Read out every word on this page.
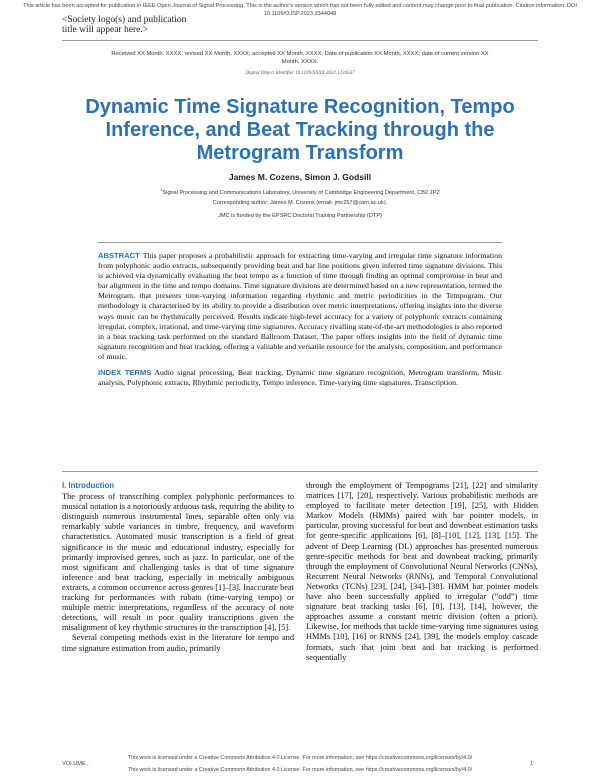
This article has been accepted for publication in IEEE Open Journal of Signal Processing. This is the author's version which has not been fully edited and content may change prior to final publication. Citation information: DOI 10.1109/OJSP.2023.3344048
<Society logo(s) and publication title will appear here.>
Received XX Month, XXXX; revised XX Month, XXXX; accepted XX Month, XXXX; Date of publication XX Month, XXXX; date of current version XX Month, XXXX.
Digital Object Identifier 10.1109/XXXX.2022.1234567
Dynamic Time Signature Recognition, Tempo Inference, and Beat Tracking through the Metrogram Transform
James M. Cozens, Simon J. Godsill
$^1$Signal Processing and Communications Laboratory, University of Cambridge Engineering Department, CB2 1PZ
Corresponding author: James M. Cozens (email: jmc257@cam.ac.uk).
JMC is funded by the EPSRC Doctoral Training Partnership (DTP)

ABSTRACT This paper proposes a probabilistic approach for extracting time-varying and irregular time signature information from polyphonic audio extracts, subsequently providing beat and bar line positions given inferred time signature divisions. This is achieved via dynamically evaluating the beat tempo as a function of time through finding an optimal compromise in beat and bar alignment in the time and tempo domains. Time signature divisions are determined based on a new representation, termed the Metrogram, that presents time-varying information regarding rhythmic and metric periodicities in the Tempogram. Our methodology is characterised by its ability to provide a distribution over metric interpretations, offering insights into the diverse ways music can be rhythmically perceived. Results indicate high-level accuracy for a variety of polyphonic extracts containing irregular, complex, irrational, and time-varying time signatures. Accuracy rivalling state-of-the-art methodologies is also reported in a beat tracking task performed on the standard Ballroom Dataset. The paper offers insights into the field of dynamic time signature recognition and beat tracking, offering a valuable and versatile resource for the analysis, composition, and performance of music.

INDEX TERMS Audio signal processing, Beat tracking, Dynamic time signature recognition, Metrogram transform, Music analysis, Polyphonic extracts, Rhythmic periodicity, Tempo inference, Time-varying time signatures, Transcription.

I. Introduction

The process of transcribing complex polyphonic performances to musical notation is a notoriously arduous task, requiring the ability to distinguish numerous instrumental lines, separable often only via remarkably subtle variances in timbre, frequency, and waveform characteristics. Automated music transcription is a field of great significance in the music and educational industry, especially for primarily improvised genres, such as jazz. In particular, one of the most significant and challenging tasks is that of time signature inference and beat tracking, especially in metrically ambiguous extracts, a common occurrence across genres [1]–[3]. Inaccurate beat tracking for performances with rubato (time-varying tempo) or multiple metric interpretations, regardless of the accuracy of note detections, will result in poor quality transcriptions given the misalignment of key rhythmic structures in the transcription [4], [5].

Several competing methods exist in the literature for tempo and time signature estimation from audio, primarily

through the employment of Tempograms [21], [22] and similarity matrices [17], [20], respectively. Various probabilistic methods are employed to facilitate meter detection [19], [25], with Hidden Markov Models (HMMs) paired with bar pointer models, in particular, proving successful for beat and downbeat estimation tasks for genre-specific applications [6], [8]–[10], [12], [13], [15]. The advent of Deep Learning (DL) approaches has presented numerous genre-specific methods for beat and downbeat tracking, primarily through the employment of Convolutional Neural Networks (CNNs), Recurrent Neural Networks (RNNs), and Temporal Convolutional Networks (TCNs) [23], [24], [34]–[38]. HMM bar pointer models have also been successfully applied to irregular (“odd”) time signature beat tracking tasks [6], [8], [13], [14], however, the approaches assume a constant metric division (often a priori). Likewise, for methods that tackle time-varying time signatures using HMMs [10], [16] or RNNS [24], [39], the models employ cascade formats, such that joint beat and bar tracking is performed sequentially

This work is licensed under a Creative Commons Attribution 4.0 License. For more information, see https://creativecommons.org/licenses/by/4.0/
VOLUME ,	1
This work is licensed under a Creative Commons Attribution 4.0 License. For more information, see https://creativecommons.org/licenses/by/4.0/
